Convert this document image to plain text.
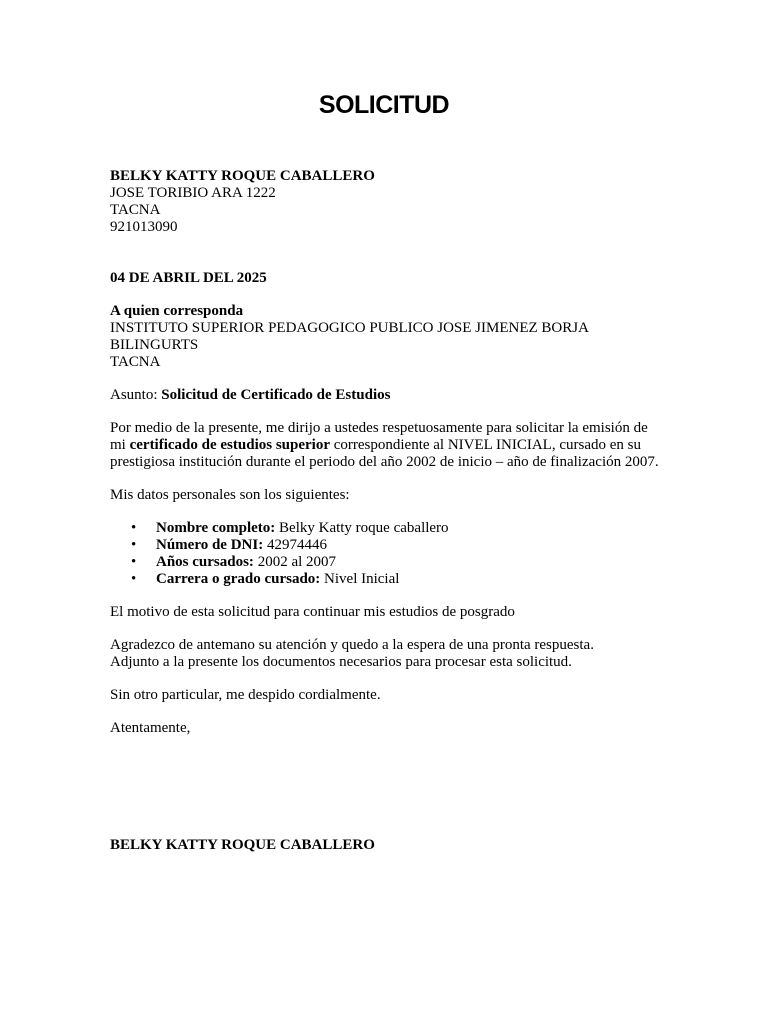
SOLICITUD
BELKY KATTY ROQUE CABALLERO
JOSE TORIBIO ARA 1222
TACNA
921013090
04 DE ABRIL DEL 2025
A quien corresponda
INSTITUTO SUPERIOR PEDAGOGICO PUBLICO JOSE JIMENEZ BORJA
BILINGURTS
TACNA

Asunto: Solicitud de Certificado de Estudios

Por medio de la presente, me dirijo a ustedes respetuosamente para solicitar la emisión de mi certificado de estudios superior correspondiente al NIVEL INICIAL, cursado en su prestigiosa institución durante el periodo del año 2002 de inicio – año de finalización 2007.

Mis datos personales son los siguientes:

• Nombre completo: Belky Katty roque caballero
• Número de DNI: 42974446
• Años cursados: 2002 al 2007
• Carrera o grado cursado: Nivel Inicial

El motivo de esta solicitud para continuar mis estudios de posgrado

Agradezco de antemano su atención y quedo a la espera de una pronta respuesta.
Adjunto a la presente los documentos necesarios para procesar esta solicitud.

Sin otro particular, me despido cordialmente.

Atentamente,

BELKY KATTY ROQUE CABALLERO
